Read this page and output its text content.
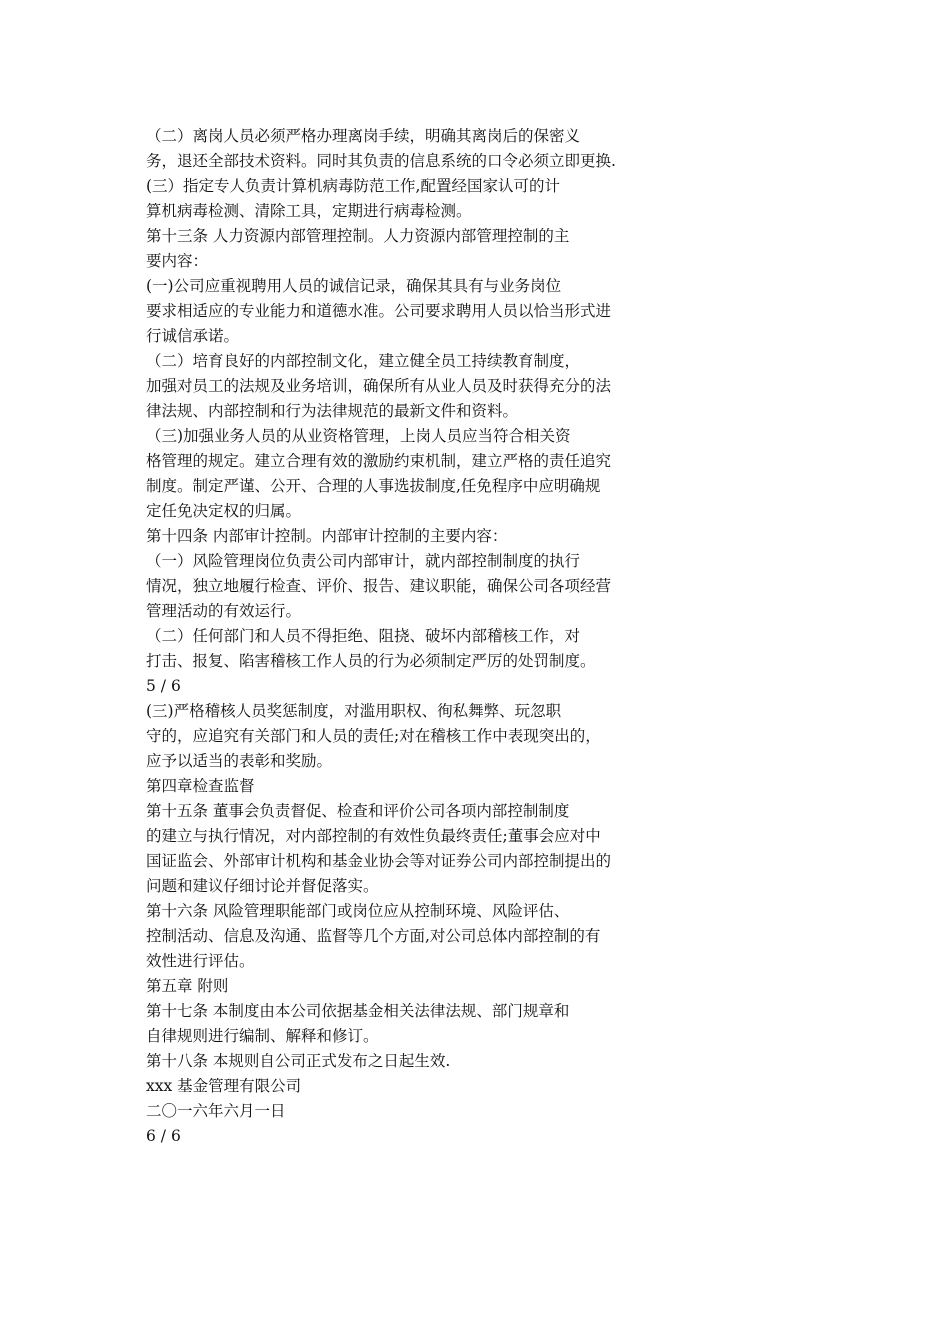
（二）离岗人员必须严格办理离岗手续，明确其离岗后的保密义
务，退还全部技术资料。同时其负责的信息系统的口令必须立即更换.
(三）指定专人负责计算机病毒防范工作,配置经国家认可的计
算机病毒检测、清除工具，定期进行病毒检测。
第十三条 人力资源内部管理控制。人力资源内部管理控制的主
要内容：
(一)公司应重视聘用人员的诚信记录，确保其具有与业务岗位
要求相适应的专业能力和道德水准。公司要求聘用人员以恰当形式进
行诚信承诺。
（二）培育良好的内部控制文化，建立健全员工持续教育制度，
加强对员工的法规及业务培训，确保所有从业人员及时获得充分的法
律法规、内部控制和行为法律规范的最新文件和资料。
（三)加强业务人员的从业资格管理，上岗人员应当符合相关资
格管理的规定。建立合理有效的激励约束机制，建立严格的责任追究
制度。制定严谨、公开、合理的人事选拔制度,任免程序中应明确规
定任免决定权的归属。
第十四条 内部审计控制。内部审计控制的主要内容：
（一）风险管理岗位负责公司内部审计，就内部控制制度的执行
情况，独立地履行检查、评价、报告、建议职能，确保公司各项经营
管理活动的有效运行。
（二）任何部门和人员不得拒绝、阻挠、破坏内部稽核工作，对
打击、报复、陷害稽核工作人员的行为必须制定严厉的处罚制度。
5 / 6
(三)严格稽核人员奖惩制度，对滥用职权、徇私舞弊、玩忽职
守的，应追究有关部门和人员的责任;对在稽核工作中表现突出的，
应予以适当的表彰和奖励。
第四章检查监督
第十五条 董事会负责督促、检查和评价公司各项内部控制制度
的建立与执行情况，对内部控制的有效性负最终责任;董事会应对中
国证监会、外部审计机构和基金业协会等对证券公司内部控制提出的
问题和建议仔细讨论并督促落实。
第十六条 风险管理职能部门或岗位应从控制环境、风险评估、
控制活动、信息及沟通、监督等几个方面,对公司总体内部控制的有
效性进行评估。
第五章 附则
第十七条 本制度由本公司依据基金相关法律法规、部门规章和
自律规则进行编制、解释和修订。
第十八条 本规则自公司正式发布之日起生效.
xxx 基金管理有限公司
二〇一六年六月一日
6 / 6
